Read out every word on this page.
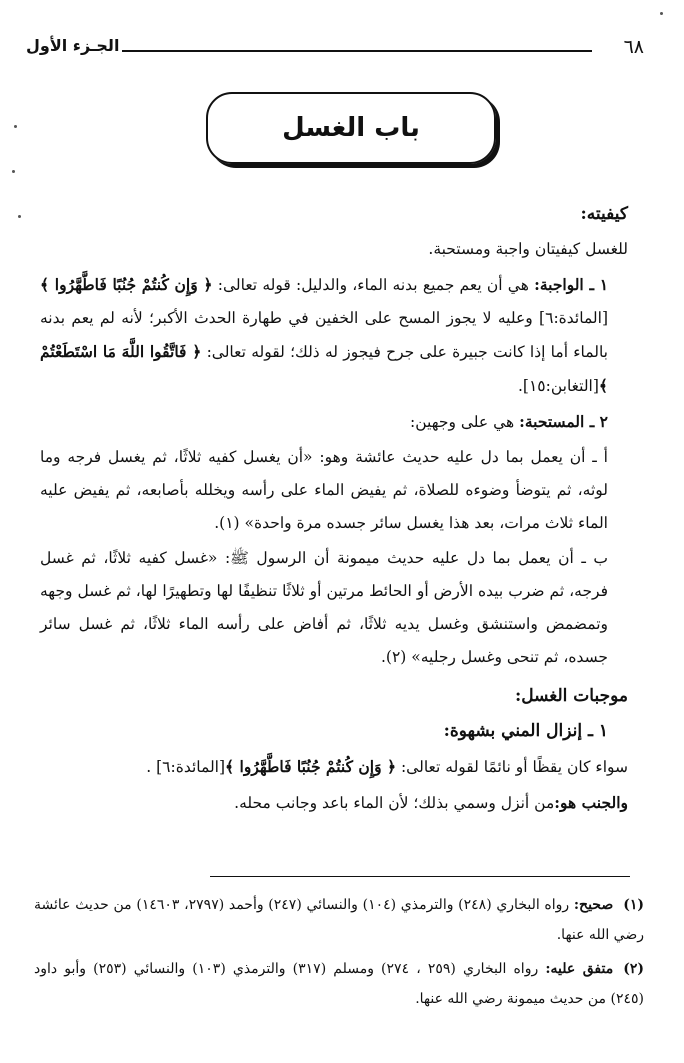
٦٨
الجـزء الأول
باب الغسل

كيفيته:

للغسل كيفيتان واجبة ومستحبة.

١ ـ الواجبة: هي أن يعم جميع بدنه الماء، والدليل: قوله تعالى: ﴿ وَإِن كُنتُمْ جُنُبًا فَاطَّهَّرُوا ﴾[المائدة:٦] وعليه لا يجوز المسح على الخفين في طهارة الحدث الأكبر؛ لأنه لم يعم بدنه بالماء أما إذا كانت جبيرة على جرح فيجوز له ذلك؛ لقوله تعالى: ﴿ فَاتَّقُوا اللَّهَ مَا اسْتَطَعْتُمْ ﴾[التغابن:١٥].

٢ ـ المستحبة: هي على وجهين:

أ ـ أن يعمل بما دل عليه حديث عائشة وهو: «أن يغسل كفيه ثلاثًا، ثم يغسل فرجه وما لوثه، ثم يتوضأ وضوءه للصلاة، ثم يفيض الماء على رأسه ويخلله بأصابعه، ثم يفيض عليه الماء ثلاث مرات، بعد هذا يغسل سائر جسده مرة واحدة» (١).

ب ـ أن يعمل بما دل عليه حديث ميمونة أن الرسول ﷺ: «غسل كفيه ثلاثًا، ثم غسل فرجه، ثم ضرب بيده الأرض أو الحائط مرتين أو ثلاثًا تنظيفًا لها وتطهيرًا لها، ثم غسل وجهه وتمضمض واستنشق وغسل يديه ثلاثًا، ثم أفاض على رأسه الماء ثلاثًا، ثم غسل سائر جسده، ثم تنحى وغسل رجليه» (٢).

موجبات الغسل:

١ ـ إنزال المني بشهوة:

سواء كان يقظًا أو نائمًا لقوله تعالى: ﴿ وَإِن كُنتُمْ جُنُبًا فَاطَّهَّرُوا ﴾[المائدة:٦] .

والجنب هو:من أنزل وسمي بذلك؛ لأن الماء باعد وجانب محله.

(١)صحيح: رواه البخاري (٢٤٨) والترمذي (١٠٤) والنسائي (٢٤٧) وأحمد (٢٧٩٧، ١٤٦٠٣) من حديث عائشة رضي الله عنها.

(٢)متفق عليه: رواه البخاري (٢٥٩ ، ٢٧٤) ومسلم (٣١٧) والترمذي (١٠٣) والنسائي (٢٥٣) وأبو داود (٢٤٥) من حديث ميمونة رضي الله عنها.
